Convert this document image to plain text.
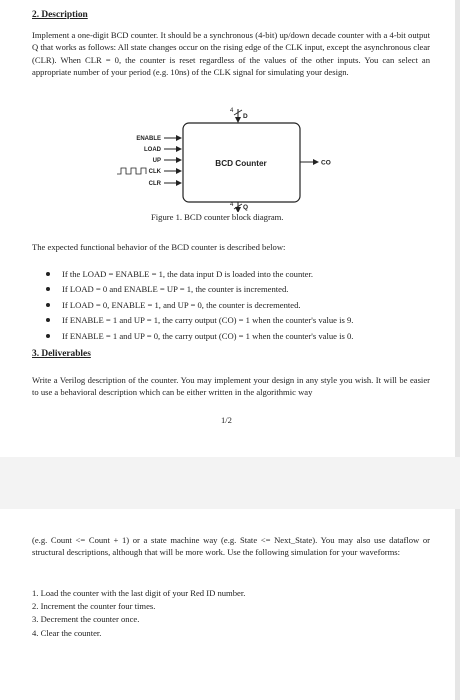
2. Description
Implement a one-digit BCD counter. It should be a synchronous (4-bit) up/down decade counter with a 4-bit output Q that works as follows: All state changes occur on the rising edge of the CLK input, except the asynchronous clear (CLR). When CLR = 0, the counter is reset regardless of the values of the other inputs. You can select an appropriate number of your period (e.g. 10ns) of the CLK signal for simulating your design.
BCD Counter
4
D
4 Q
CO
ENABLE
LOAD
UP
CLK
CLR
Figure 1. BCD counter block diagram.
The expected functional behavior of the BCD counter is described below:
If the LOAD = ENABLE = 1, the data input D is loaded into the counter.
If LOAD = 0 and ENABLE = UP = 1, the counter is incremented.
If LOAD = 0, ENABLE = 1, and UP = 0, the counter is decremented.
If ENABLE = 1 and UP = 1, the carry output (CO) = 1 when the counter's value is 9.
If ENABLE = 1 and UP = 0, the carry output (CO) = 1 when the counter's value is 0.
3. Deliverables
Write a Verilog description of the counter. You may implement your design in any style you wish. It will be easier to use a behavioral description which can be either written in the algorithmic way
1/2
(e.g. Count <= Count + 1) or a state machine way (e.g. State <= Next_State). You may also use dataflow or structural descriptions, although that will be more work. Use the following simulation for your waveforms:
1. Load the counter with the last digit of your Red ID number.
2. Increment the counter four times.
3. Decrement the counter once.
4. Clear the counter.
